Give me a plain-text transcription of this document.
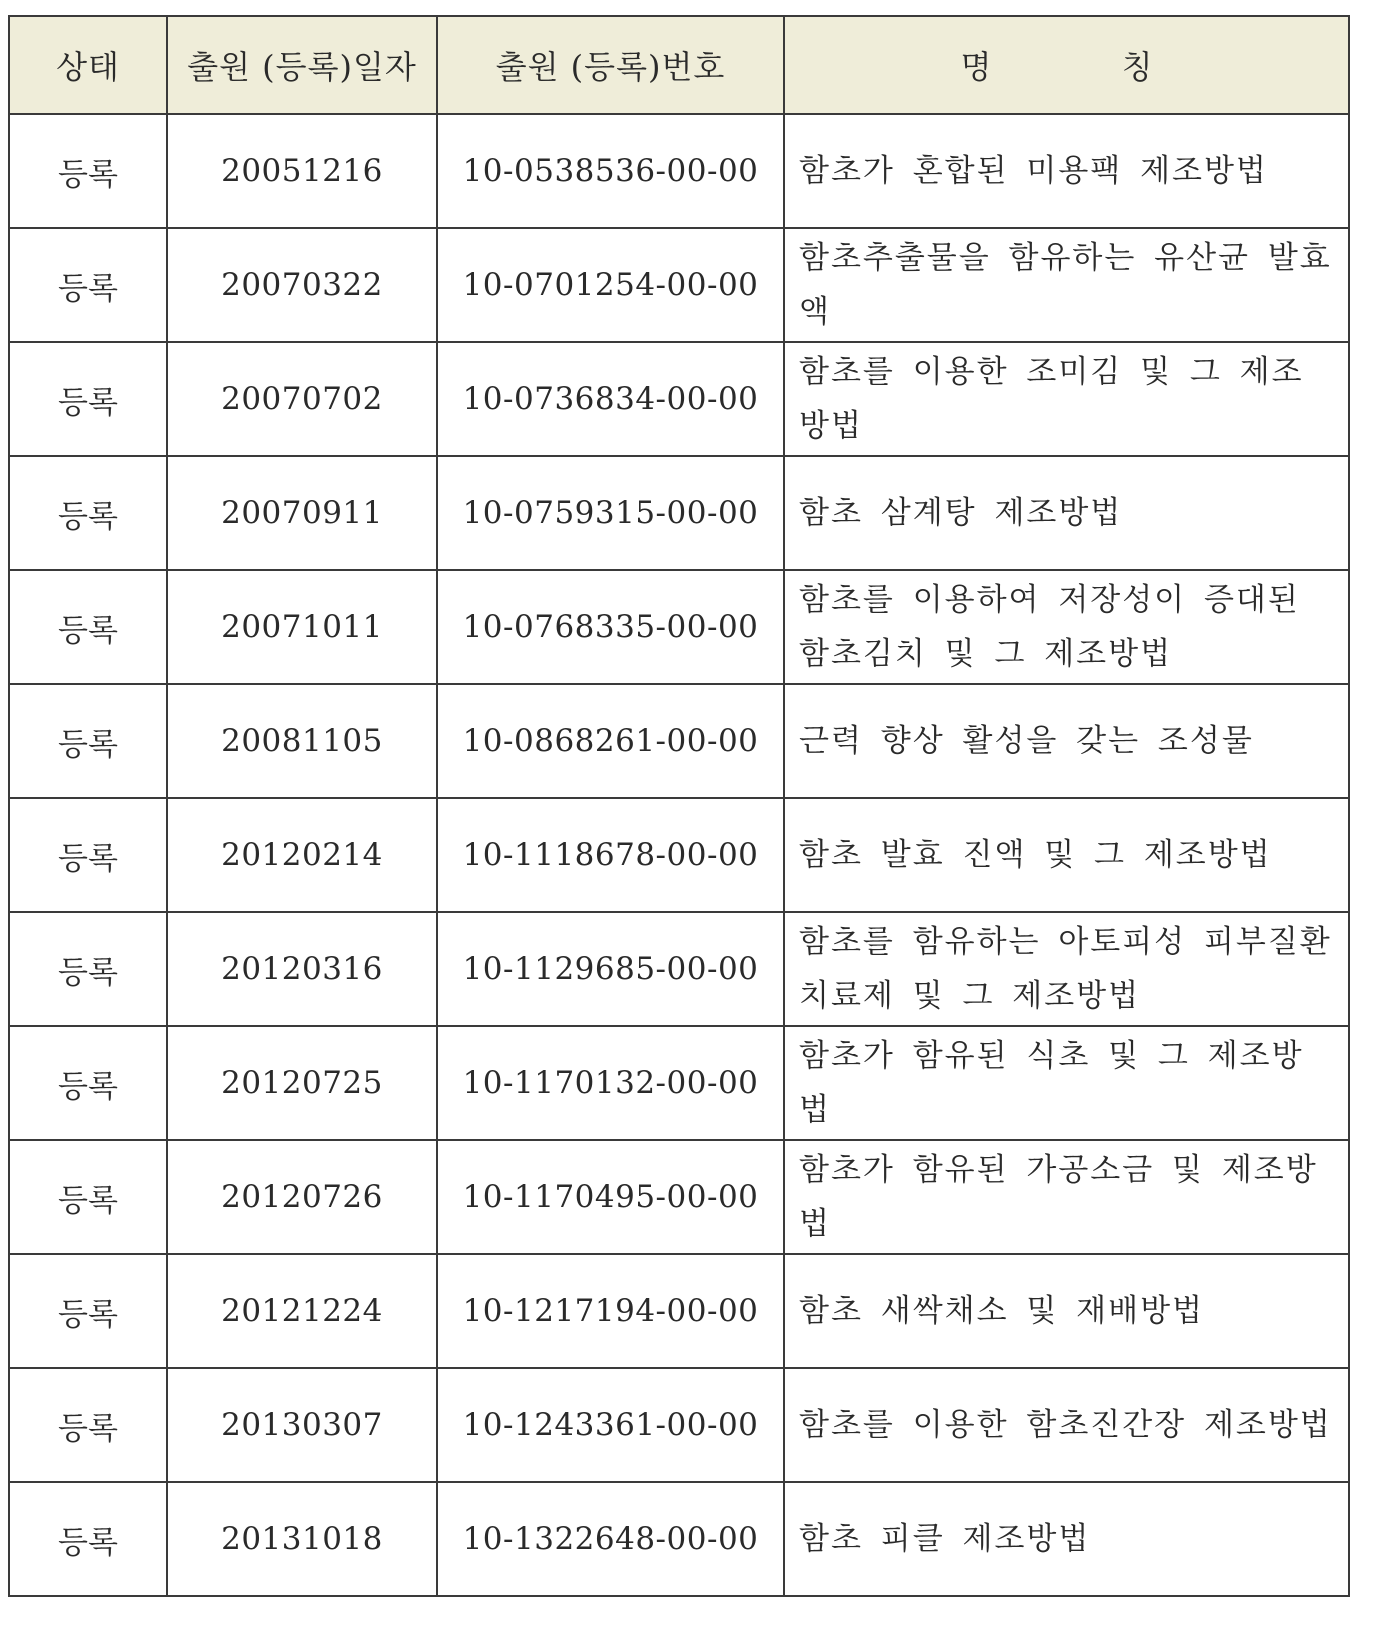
상태	출원 (등록)일자	출원 (등록)번호	명 칭
등록	20051216	10-0538536-00-00	함초가 혼합된 미용팩 제조방법
등록	20070322	10-0701254-00-00	함초추출물을 함유하는 유산균 발효액
등록	20070702	10-0736834-00-00	함초를 이용한 조미김 및 그 제조방법
등록	20070911	10-0759315-00-00	함초 삼계탕 제조방법
등록	20071011	10-0768335-00-00	함초를 이용하여 저장성이 증대된 함초김치 및 그 제조방법
등록	20081105	10-0868261-00-00	근력 향상 활성을 갖는 조성물
등록	20120214	10-1118678-00-00	함초 발효 진액 및 그 제조방법
등록	20120316	10-1129685-00-00	함초를 함유하는 아토피성 피부질환 치료제 및 그 제조방법
등록	20120725	10-1170132-00-00	함초가 함유된 식초 및 그 제조방법
등록	20120726	10-1170495-00-00	함초가 함유된 가공소금 및 제조방법
등록	20121224	10-1217194-00-00	함초 새싹채소 및 재배방법
등록	20130307	10-1243361-00-00	함초를 이용한 함초진간장 제조방법
등록	20131018	10-1322648-00-00	함초 피클 제조방법
